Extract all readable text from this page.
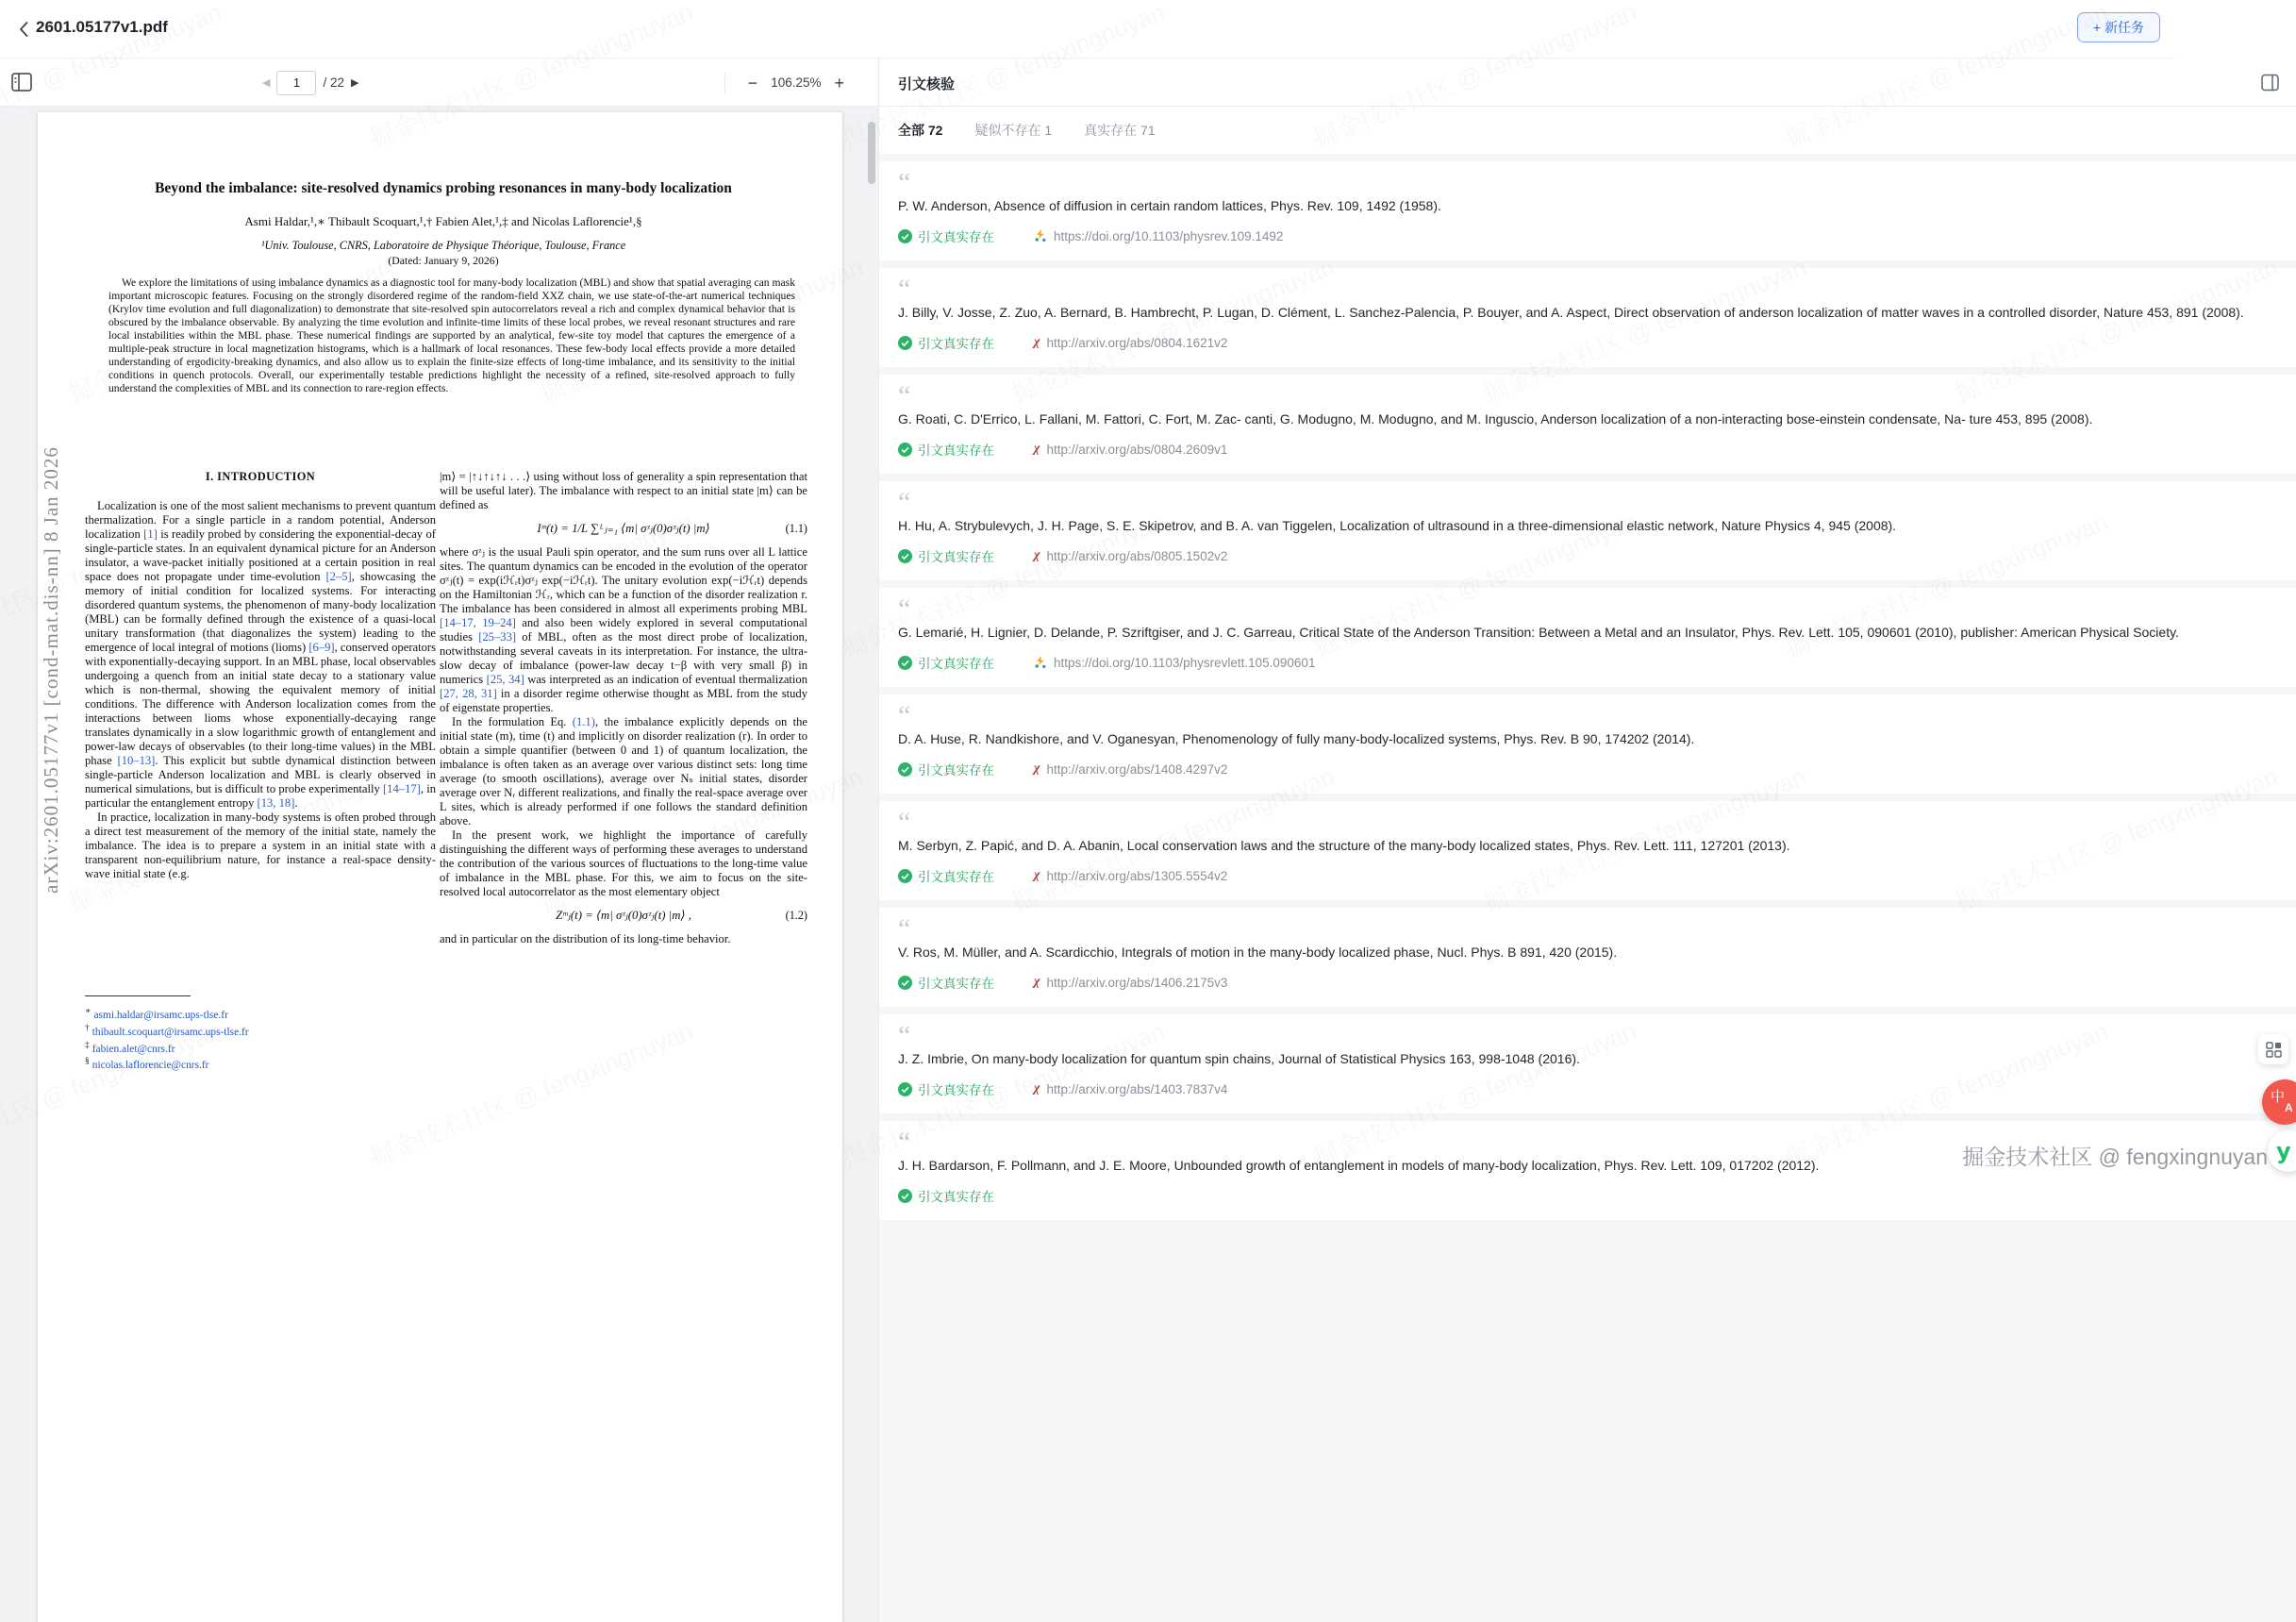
2601.05177v1.pdf	+ 新任务
◀
1	/ 22 ▶	− 106.25% +
arXiv:2601.05177v1 [cond-mat.dis-nn] 8 Jan 2026
Beyond the imbalance: site-resolved dynamics probing resonances in many-body localization
Asmi Haldar,¹,∗ Thibault Scoquart,¹,† Fabien Alet,¹,‡ and Nicolas Laflorencie¹,§
¹Univ. Toulouse, CNRS, Laboratoire de Physique Théorique, Toulouse, France
(Dated: January 9, 2026)
We explore the limitations of using imbalance dynamics as a diagnostic tool for many-body localization (MBL) and show that spatial averaging can mask important microscopic features. Focusing on the strongly disordered regime of the random-field XXZ chain, we use state-of-the-art numerical techniques (Krylov time evolution and full diagonalization) to demonstrate that site-resolved spin autocorrelators reveal a rich and complex dynamical behavior that is obscured by the imbalance observable. By analyzing the time evolution and infinite-time limits of these local probes, we reveal resonant structures and rare local instabilities within the MBL phase. These numerical findings are supported by an analytical, few-site toy model that captures the emergence of a multiple-peak structure in local magnetization histograms, which is a hallmark of local resonances. These few-body local effects provide a more detailed understanding of ergodicity-breaking dynamics, and also allow us to explain the finite-size effects of long-time imbalance, and its sensitivity to the initial conditions in quench protocols. Overall, our experimentally testable predictions highlight the necessity of a refined, site-resolved approach to fully understand the complexities of MBL and its connection to rare-region effects.
I. INTRODUCTION

Localization is one of the most salient mechanisms to prevent quantum thermalization. For a single particle in a random potential, Anderson localization [1] is readily probed by considering the exponential-decay of single-particle states. In an equivalent dynamical picture for an Anderson insulator, a wave-packet initially positioned at a certain position in real space does not propagate under time-evolution [2–5], showcasing the memory of initial condition for localized systems. For interacting disordered quantum systems, the phenomenon of many-body localization (MBL) can be formally defined through the existence of a quasi-local unitary transformation (that diagonalizes the system) leading to the emergence of local integral of motions (lioms) [6–9], conserved operators with exponentially-decaying support. In an MBL phase, local observables undergoing a quench from an initial state decay to a stationary value which is non-thermal, showing the equivalent memory of initial conditions. The difference with Anderson localization comes from the interactions between lioms whose exponentially-decaying range translates dynamically in a slow logarithmic growth of entanglement and power-law decays of observables (to their long-time values) in the MBL phase [10–13]. This explicit but subtle dynamical distinction between single-particle Anderson localization and MBL is clearly observed in numerical simulations, but is difficult to probe experimentally [14–17], in particular the entanglement entropy [13, 18].

In practice, localization in many-body systems is often probed through a direct test measurement of the memory of the initial state, namely the imbalance. The idea is to prepare a system in an initial state with a transparent non-equilibrium nature, for instance a real-space density-wave initial state (e.g.

|m⟩ = |↑↓↑↓↑↓ . . .⟩ using without loss of generality a spin representation that will be useful later). The imbalance with respect to an initial state |m⟩ can be defined as

Iᵐ(t) = 1/L ∑ᴸⱼ₌₁ ⟨m| σᶻⱼ(0)σᶻⱼ(t) |m⟩	(1.1)

where σᶻⱼ is the usual Pauli spin operator, and the sum runs over all L lattice sites. The quantum dynamics can be encoded in the evolution of the operator σᶻⱼ(t) = exp(iℋᵣt)σᶻⱼ exp(−iℋᵣt). The unitary evolution exp(−iℋᵣt) depends on the Hamiltonian ℋᵣ, which can be a function of the disorder realization r. The imbalance has been considered in almost all experiments probing MBL [14–17, 19–24] and also been widely explored in several computational studies [25–33] of MBL, often as the most direct probe of localization, notwithstanding several caveats in its interpretation. For instance, the ultra-slow decay of imbalance (power-law decay t−β with very small β) in numerics [25, 34] was interpreted as an indication of eventual thermalization [27, 28, 31] in a disorder regime otherwise thought as MBL from the study of eigenstate properties.

In the formulation Eq. (1.1), the imbalance explicitly depends on the initial state (m), time (t) and implicitly on disorder realization (r). In order to obtain a simple quantifier (between 0 and 1) of quantum localization, the imbalance is often taken as an average over various distinct sets: long time average (to smooth oscillations), average over Nₛ initial states, disorder average over Nᵣ different realizations, and finally the real-space average over L sites, which is already performed if one follows the standard definition above.

In the present work, we highlight the importance of carefully distinguishing the different ways of performing these averages to understand the contribution of the various sources of fluctuations to the long-time value of imbalance in the MBL phase. For this, we aim to focus on the site-resolved local autocorrelator as the most elementary object

Zᵐⱼ(t) = ⟨m| σᶻⱼ(0)σᶻⱼ(t) |m⟩ ,	(1.2)

and in particular on the distribution of its long-time behavior.

∗ asmi.haldar@irsamc.ups-tlse.fr
† thibault.scoquart@irsamc.ups-tlse.fr
‡ fabien.alet@cnrs.fr
§ nicolas.laflorencie@cnrs.fr
引文核验
全部 72 疑似不存在 1 真实存在 71
“
P. W. Anderson, Absence of diffusion in certain random lattices, Phys. Rev. 109, 1492 (1958).
引文真实存在	https://doi.org/10.1103/physrev.109.1492
“
J. Billy, V. Josse, Z. Zuo, A. Bernard, B. Hambrecht, P. Lugan, D. Clément, L. Sanchez-Palencia, P. Bouyer, and A. Aspect, Direct observation of anderson localization of matter waves in a controlled disorder, Nature 453, 891 (2008).
引文真实存在	χ http://arxiv.org/abs/0804.1621v2
“
G. Roati, C. D'Errico, L. Fallani, M. Fattori, C. Fort, M. Zac- canti, G. Modugno, M. Modugno, and M. Inguscio, Anderson localization of a non-interacting bose-einstein condensate, Na- ture 453, 895 (2008).
引文真实存在	χ http://arxiv.org/abs/0804.2609v1
“
H. Hu, A. Strybulevych, J. H. Page, S. E. Skipetrov, and B. A. van Tiggelen, Localization of ultrasound in a three-dimensional elastic network, Nature Physics 4, 945 (2008).
引文真实存在	χ http://arxiv.org/abs/0805.1502v2
“
G. Lemarié, H. Lignier, D. Delande, P. Szriftgiser, and J. C. Garreau, Critical State of the Anderson Transition: Between a Metal and an Insulator, Phys. Rev. Lett. 105, 090601 (2010), publisher: American Physical Society.
引文真实存在	https://doi.org/10.1103/physrevlett.105.090601
“
D. A. Huse, R. Nandkishore, and V. Oganesyan, Phenomenology of fully many-body-localized systems, Phys. Rev. B 90, 174202 (2014).
引文真实存在	χ http://arxiv.org/abs/1408.4297v2
“
M. Serbyn, Z. Papić, and D. A. Abanin, Local conservation laws and the structure of the many-body localized states, Phys. Rev. Lett. 111, 127201 (2013).
引文真实存在	χ http://arxiv.org/abs/1305.5554v2
“
V. Ros, M. Müller, and A. Scardicchio, Integrals of motion in the many-body localized phase, Nucl. Phys. B 891, 420 (2015).
引文真实存在	χ http://arxiv.org/abs/1406.2175v3
“
J. Z. Imbrie, On many-body localization for quantum spin chains, Journal of Statistical Physics 163, 998-1048 (2016).
引文真实存在	χ http://arxiv.org/abs/1403.7837v4
“
J. H. Bardarson, F. Pollmann, and J. E. Moore, Unbounded growth of entanglement in models of many-body localization, Phys. Rev. Lett. 109, 017202 (2012).
引文真实存在
中
A
y
掘金技术社区 @ fengxingnuyan
